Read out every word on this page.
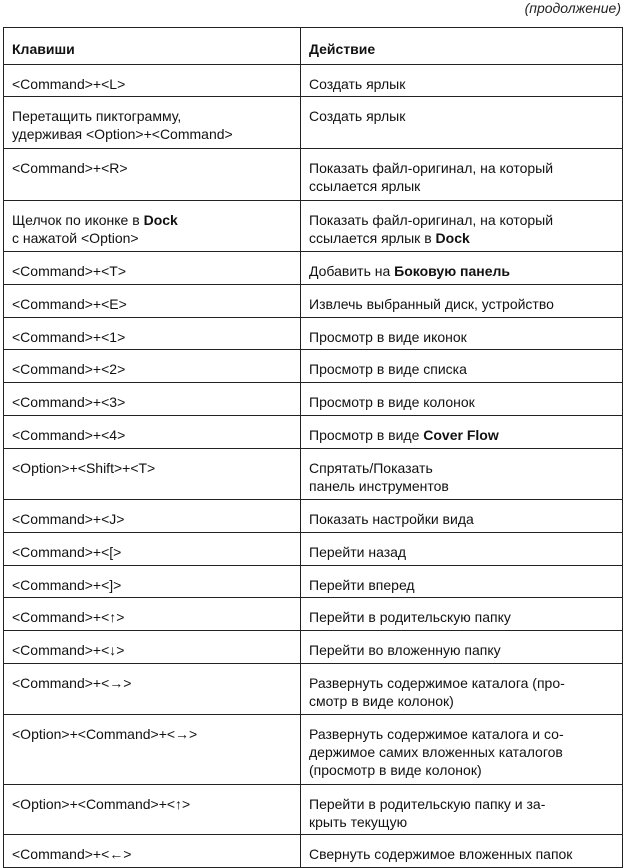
(продолжение)
Клавиши	Действие
<Command>+<L>	Создать ярлык

Перетащить пиктограмму,
удерживая <Option>+<Command>	Создать ярлык
<Command>+<R>	Показать файл-оригинал, на который
ссылается ярлык

Щелчок по иконке в Dock
с нажатой <Option>	Показать файл-оригинал, на который
ссылается ярлык в Dock

<Command>+<T>	Добавить на Боковую панель
<Command>+<E>	Извлечь выбранный диск, устройство
<Command>+<1>	Просмотр в виде иконок
<Command>+<2>	Просмотр в виде списка
<Command>+<3>	Просмотр в виде колонок
<Command>+<4>	Просмотр в виде Cover Flow
<Option>+<Shift>+<T>	Спрятать/Показать
панель инструментов

<Command>+<J>	Показать настройки вида
<Command>+<[>	Перейти назад
<Command>+<]>	Перейти вперед
<Command>+<↑>	Перейти в родительскую папку
<Command>+<↓>	Перейти во вложенную папку
<Command>+<→>	Развернуть содержимое каталога (про-
смотр в виде колонок)

<Option>+<Command>+<→>	Развернуть содержимое каталога и со-
держимое самих вложенных каталогов
(просмотр в виде колонок)

<Option>+<Command>+<↑>	Перейти в родительскую папку и за-
крыть текущую

<Command>+<←>	Свернуть содержимое вложенных папок
